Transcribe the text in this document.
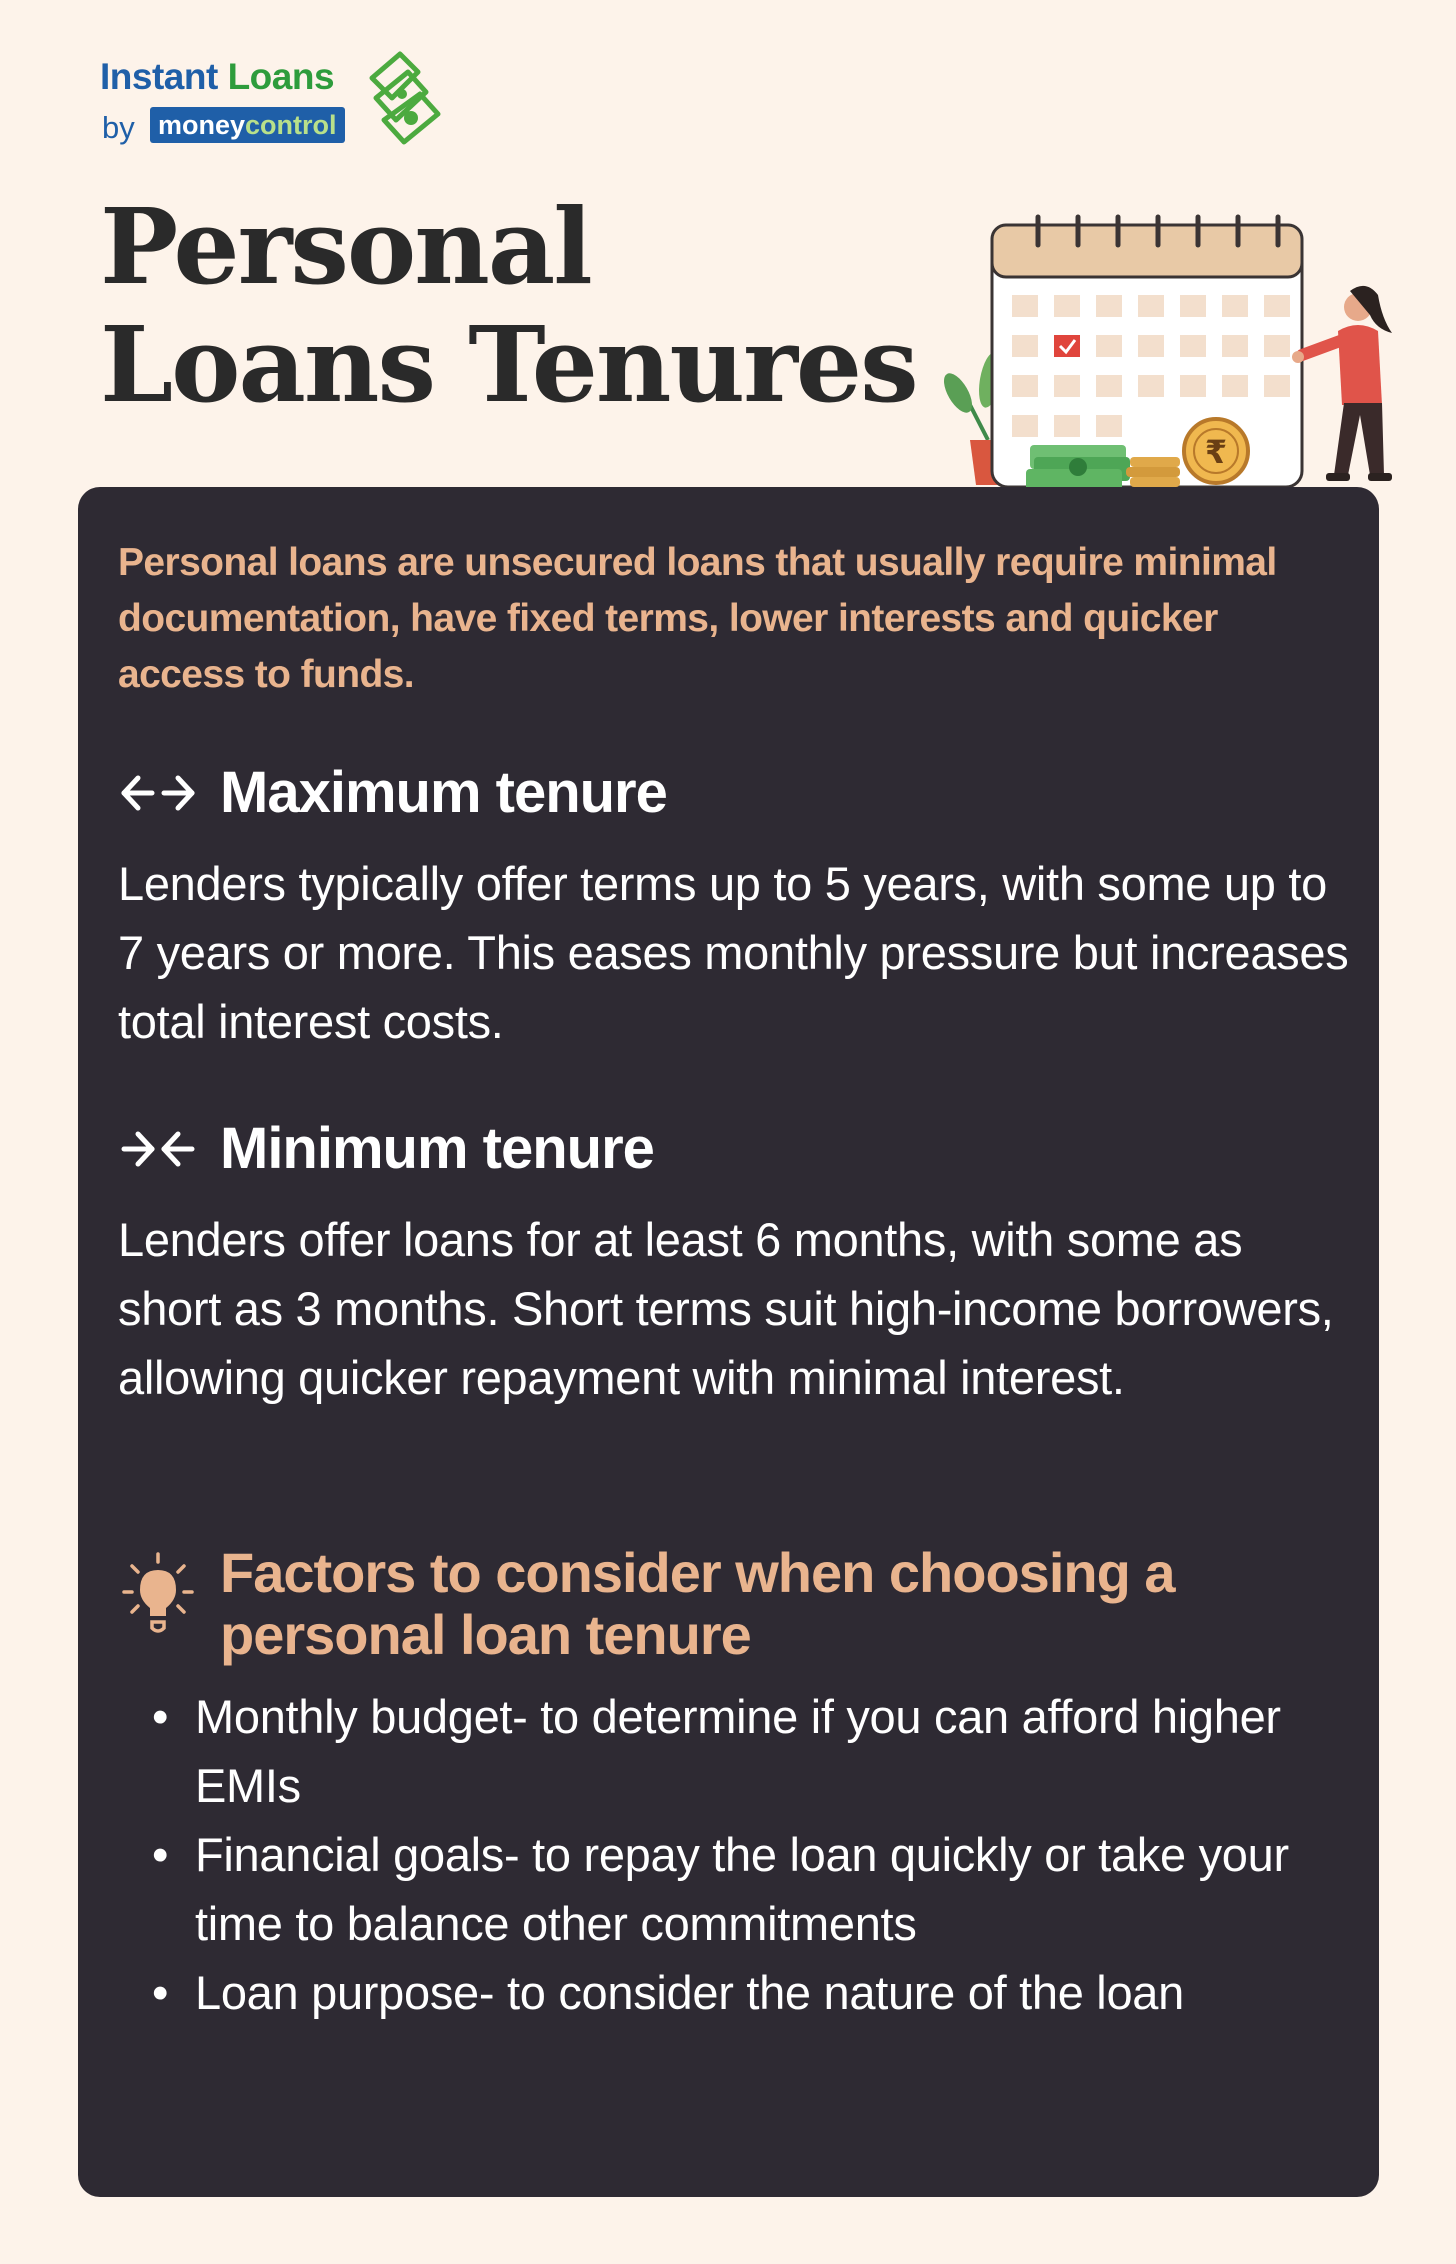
Instant Loans
by moneycontrol
Personal
Loans Tenures
₹

Personal loans are unsecured loans that usually require minimal documentation, have fixed terms, lower interests and quicker access to funds.

Maximum tenure

Lenders typically offer terms up to 5 years, with some up to 7 years or more. This eases monthly pressure but increases total interest costs.

Minimum tenure

Lenders offer loans for at least 6 months, with some as short as 3 months. Short terms suit high-income borrowers, allowing quicker repayment with minimal interest.

Factors to consider when choosing a personal loan tenure
• Monthly budget- to determine if you can afford higher EMIs
• Financial goals- to repay the loan quickly or take your time to balance other commitments
• Loan purpose- to consider the nature of the loan
